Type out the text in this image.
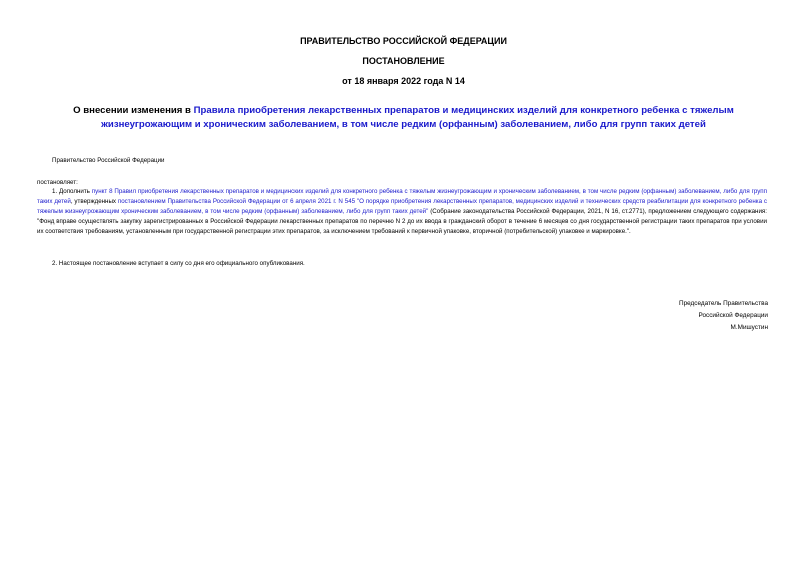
ПРАВИТЕЛЬСТВО РОССИЙСКОЙ ФЕДЕРАЦИИ
ПОСТАНОВЛЕНИЕ
от 18 января 2022 года N 14
О внесении изменения в Правила приобретения лекарственных препаратов и медицинских изделий для конкретного ребенка с тяжелым жизнеугрожающим и хроническим заболеванием, в том числе редким (орфанным) заболеванием, либо для групп таких детей
Правительство Российской Федерации
постановляет:
1. Дополнить пункт 8 Правил приобретения лекарственных препаратов и медицинских изделий для конкретного ребенка с тяжелым жизнеугрожающим и хроническим заболеванием, в том числе редким (орфанным) заболеванием, либо для групп таких детей, утвержденных постановлением Правительства Российской Федерации от 6 апреля 2021 г. N 545 "О порядке приобретения лекарственных препаратов, медицинских изделий и технических средств реабилитации для конкретного ребенка с тяжелым жизнеугрожающим хроническим заболеванием, в том числе редким (орфанным) заболеванием, либо для групп таких детей" (Собрание законодательства Российской Федерации, 2021, N 16, ст.2771), предложением следующего содержания: "Фонд вправе осуществлять закупку зарегистрированных в Российской Федерации лекарственных препаратов по перечню N 2 до их ввода в гражданский оборот в течение 6 месяцев со дня государственной регистрации таких препаратов при условии их соответствия требованиям, установленным при государственной регистрации этих препаратов, за исключением требований к первичной упаковке, вторичной (потребительской) упаковке и маркировке.".
2. Настоящее постановление вступает в силу со дня его официального опубликования.
Председатель Правительства
Российской Федерации
М.Мишустин
